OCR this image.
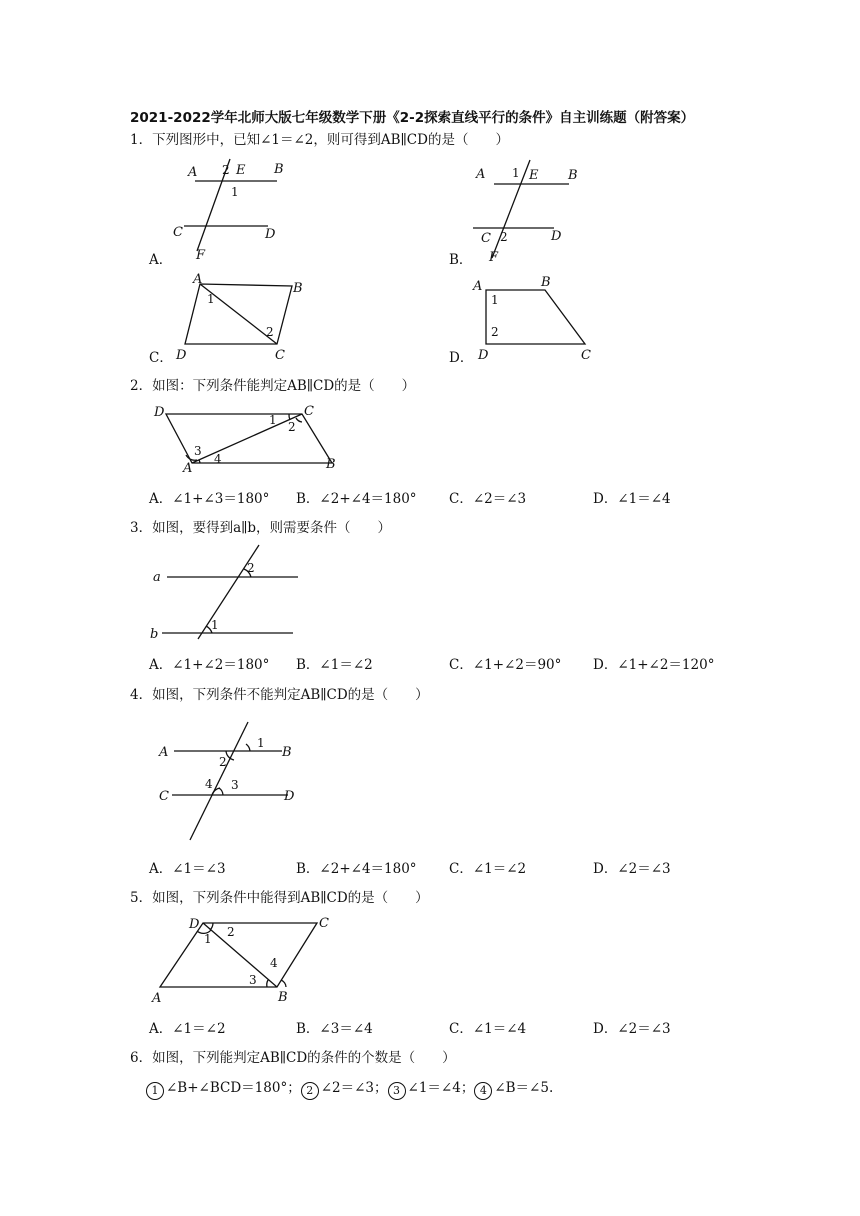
2021-2022学年北师大版七年级数学下册《2-2探索直线平行的条件》自主训练题（附答案）
1．下列图形中，已知∠1＝∠2，则可得到AB∥CD的是（　　）
A 2 E B
1
C	D
F
A．
A 1 E B
C 2	D
F
B．
A
B
1
2
D	C
C．
A	B
1
2
D	C
D．
2．如图：下列条件能判定AB∥CD的是（　　）
D	C
1 2
3
4
A	B
A．∠1+∠3＝180° B．∠2+∠4＝180° C．∠2＝∠3	D．∠1＝∠4
3．如图，要得到a∥b，则需要条件（　　）
a
2
b
1
A．∠1+∠2＝180° B．∠1＝∠2	C．∠1+∠2＝90° D．∠1+∠2＝120°
4．如图，下列条件不能判定AB∥CD的是（　　）
A
1
B
2
C
4 3
D
A．∠1＝∠3	B．∠2+∠4＝180° C．∠1＝∠2	D．∠2＝∠3
5．如图，下列条件中能得到AB∥CD的是（　　）
D	C
1 2
3
4
A	B
A．∠1＝∠2	B．∠3＝∠4	C．∠1＝∠4	D．∠2＝∠3
6．如图，下列能判定AB∥CD的条件的个数是（　　）
1 ∠B+∠BCD＝180°； 2 ∠2＝∠3； 3 ∠1＝∠4； 4 ∠B＝∠5.
